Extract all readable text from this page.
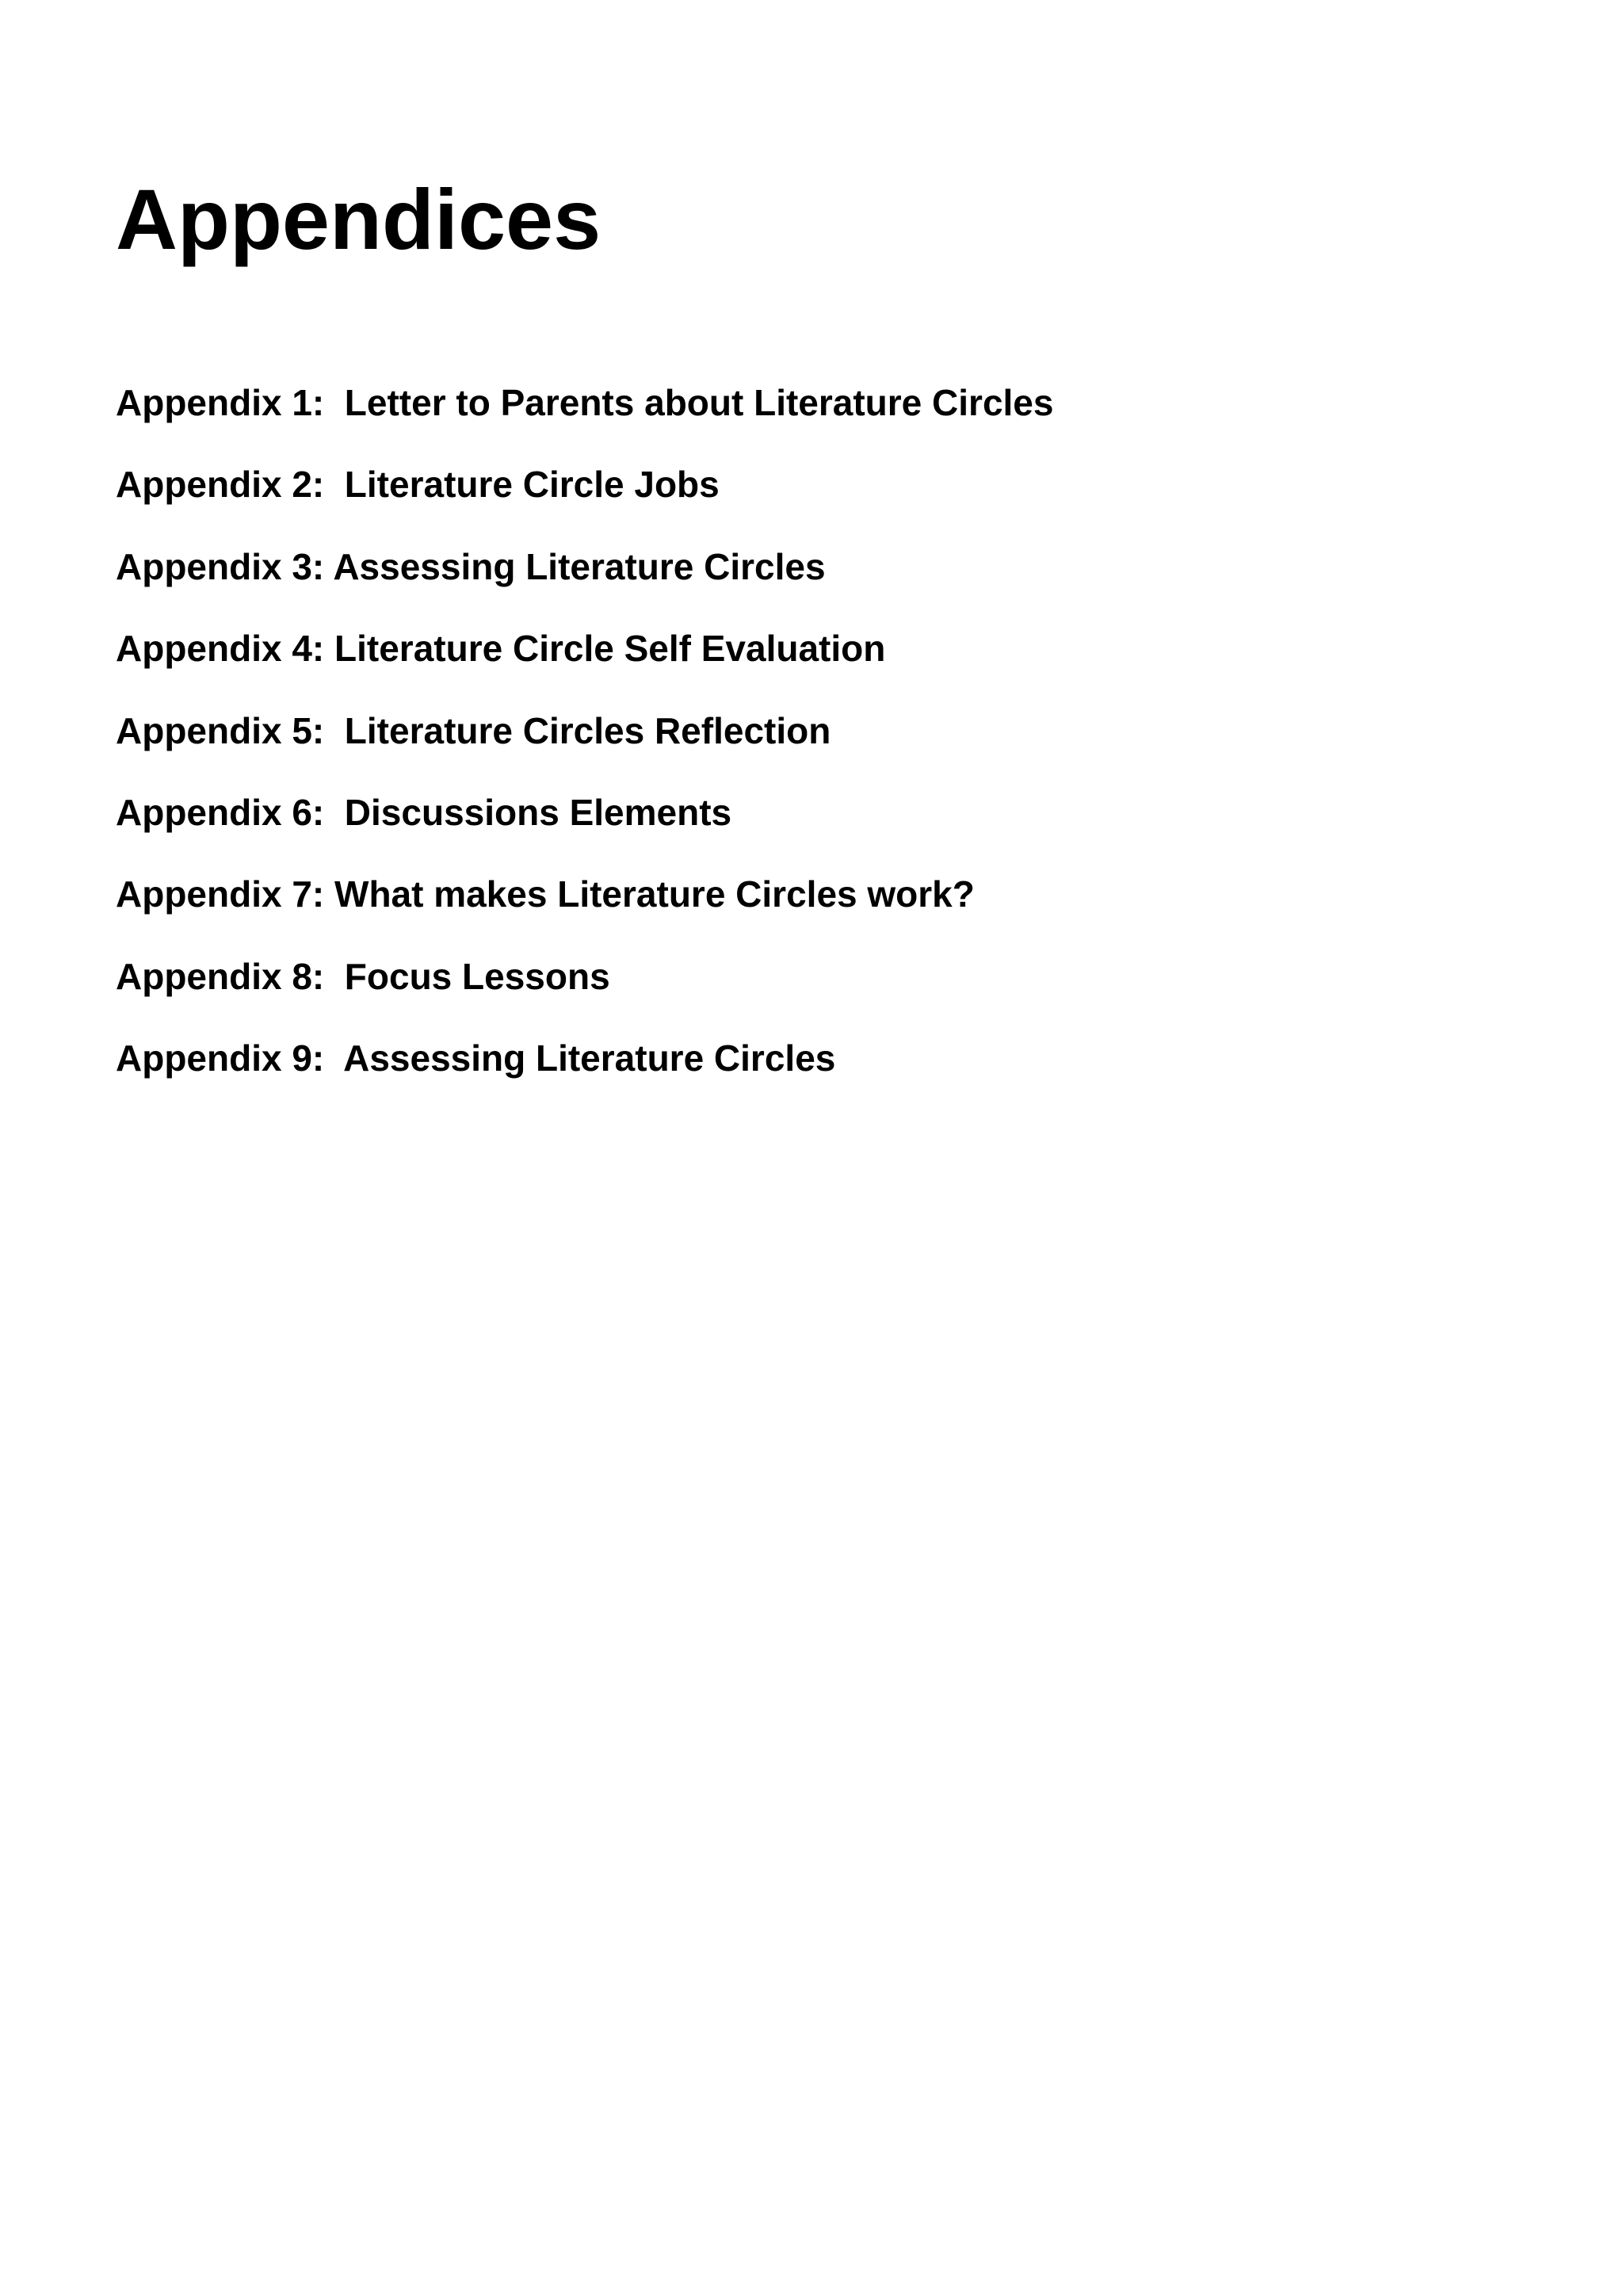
Appendices
Appendix 1:  Letter to Parents about Literature Circles
Appendix 2:  Literature Circle Jobs
Appendix 3: Assessing Literature Circles
Appendix 4: Literature Circle Self Evaluation
Appendix 5:  Literature Circles Reflection
Appendix 6:  Discussions Elements
Appendix 7: What makes Literature Circles work?
Appendix 8:  Focus Lessons
Appendix 9:  Assessing Literature Circles
